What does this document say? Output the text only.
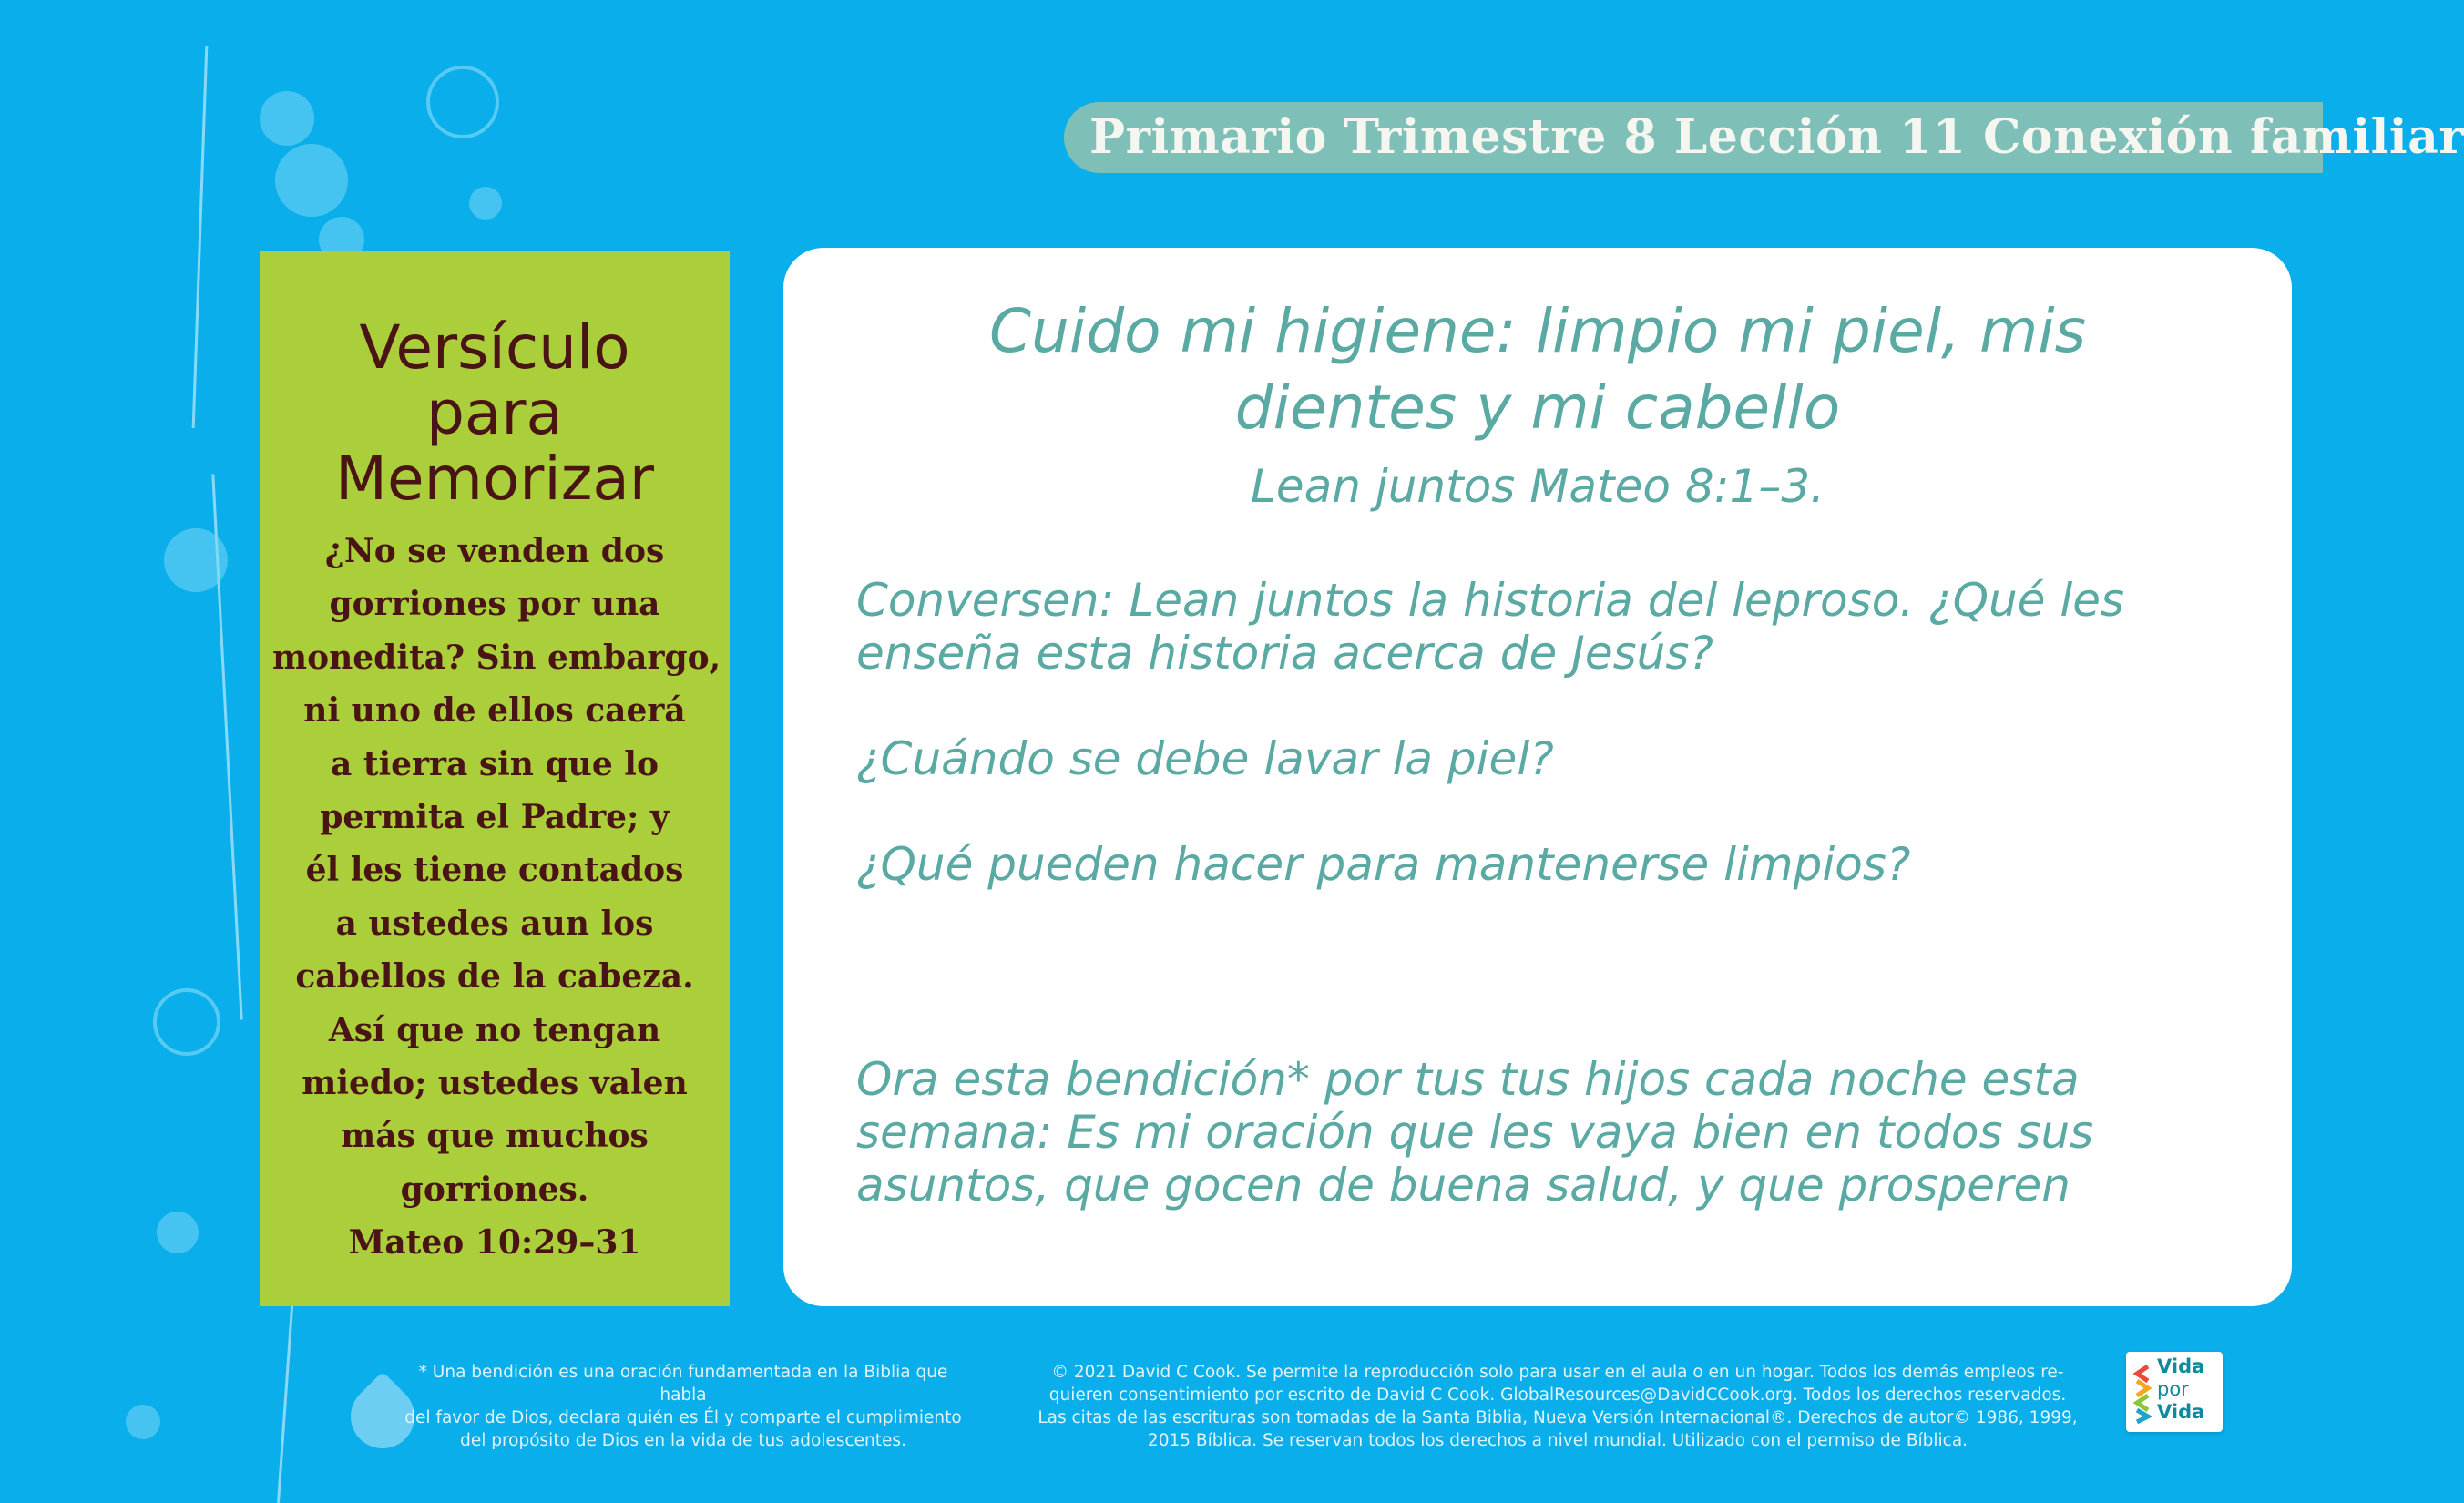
Primario Trimestre 8 Lección 11 Conexión familiar
Versículo
para
Memorizar
¿No se venden dos
gorriones por una
monedita? Sin embargo,
ni uno de ellos caerá
a tierra sin que lo
permita el Padre; y
él les tiene contados
a ustedes aun los
cabellos de la cabeza.
Así que no tengan
miedo; ustedes valen
más que muchos
gorriones.
Mateo 10:29–31
Cuido mi higiene: limpio mi piel, mis
dientes y mi cabello
Lean juntos Mateo 8:1–3.
Conversen: Lean juntos la historia del leproso. ¿Qué les
enseña esta historia acerca de Jesús?
¿Cuándo se debe lavar la piel?
¿Qué pueden hacer para mantenerse limpios?
Ora esta bendición* por tus tus hijos cada noche esta
semana: Es mi oración que les vaya bien en todos sus
asuntos, que gocen de buena salud, y que prosperen
* Una bendición es una oración fundamentada en la Biblia que habla
del favor de Dios, declara quién es Él y comparte el cumplimiento
del propósito de Dios en la vida de tus adolescentes.
© 2021 David C Cook. Se permite la reproducción solo para usar en el aula o en un hogar. Todos los demás empleos re-
quieren consentimiento por escrito de David C Cook. GlobalResources@DavidCCook.org. Todos los derechos reservados.
Las citas de las escrituras son tomadas de la Santa Biblia, Nueva Versión Internacional®. Derechos de autor© 1986, 1999,
2015 Bíblica. Se reservan todos los derechos a nivel mundial. Utilizado con el permiso de Bíblica.
Vida
por
Vida
